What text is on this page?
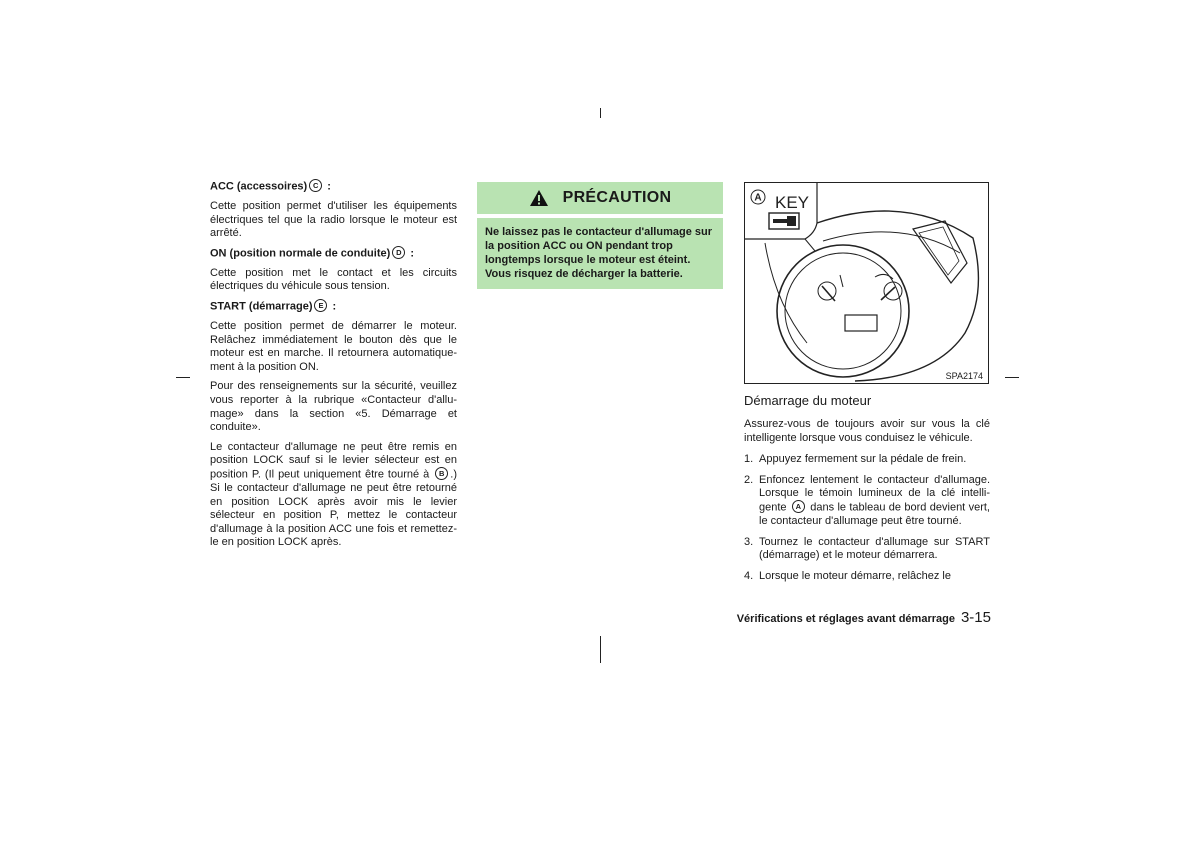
ACC (accessoires) C :

Cette position permet d'utiliser les équipements électriques tel que la radio lorsque le moteur est arrêté.

ON (position normale de conduite) D :

Cette position met le contact et les circuits électriques du véhicule sous tension.

START (démarrage) E :

Cette position permet de démarrer le moteur. Relâchez immédiatement le bouton dès que le moteur est en marche. Il retournera automatique-ment à la position ON.

Pour des renseignements sur la sécurité, veuillez vous reporter à la rubrique «Contacteur d'allu-mage» dans la section «5. Démarrage et conduite».

Le contacteur d'allumage ne peut être remis en position LOCK sauf si le levier sélecteur est en position P. (Il peut uniquement être tourné à B .) Si le contacteur d'allumage ne peut être retourné en position LOCK après avoir mis le levier sélecteur en position P, mettez le contacteur d'allumage à la position ACC une fois et remettez-le en position LOCK après.

PRÉCAUTION
Ne laissez pas le contacteur d'allumage sur la position ACC ou ON pendant trop longtemps lorsque le moteur est éteint. Vous risquez de décharger la batterie.
A KEY
SPA2174
Démarrage du moteur

Assurez-vous de toujours avoir sur vous la clé intelligente lorsque vous conduisez le véhicule.

1. Appuyez fermement sur la pédale de frein.
2. Enfoncez lentement le contacteur d'allumage. Lorsque le témoin lumineux de la clé intelli-gente A dans le tableau de bord devient vert, le contacteur d'allumage peut être tourné.
3. Tournez le contacteur d'allumage sur START (démarrage) et le moteur démarrera.
4. Lorsque le moteur démarre, relâchez le
Vérifications et réglages avant démarrage 3-15
